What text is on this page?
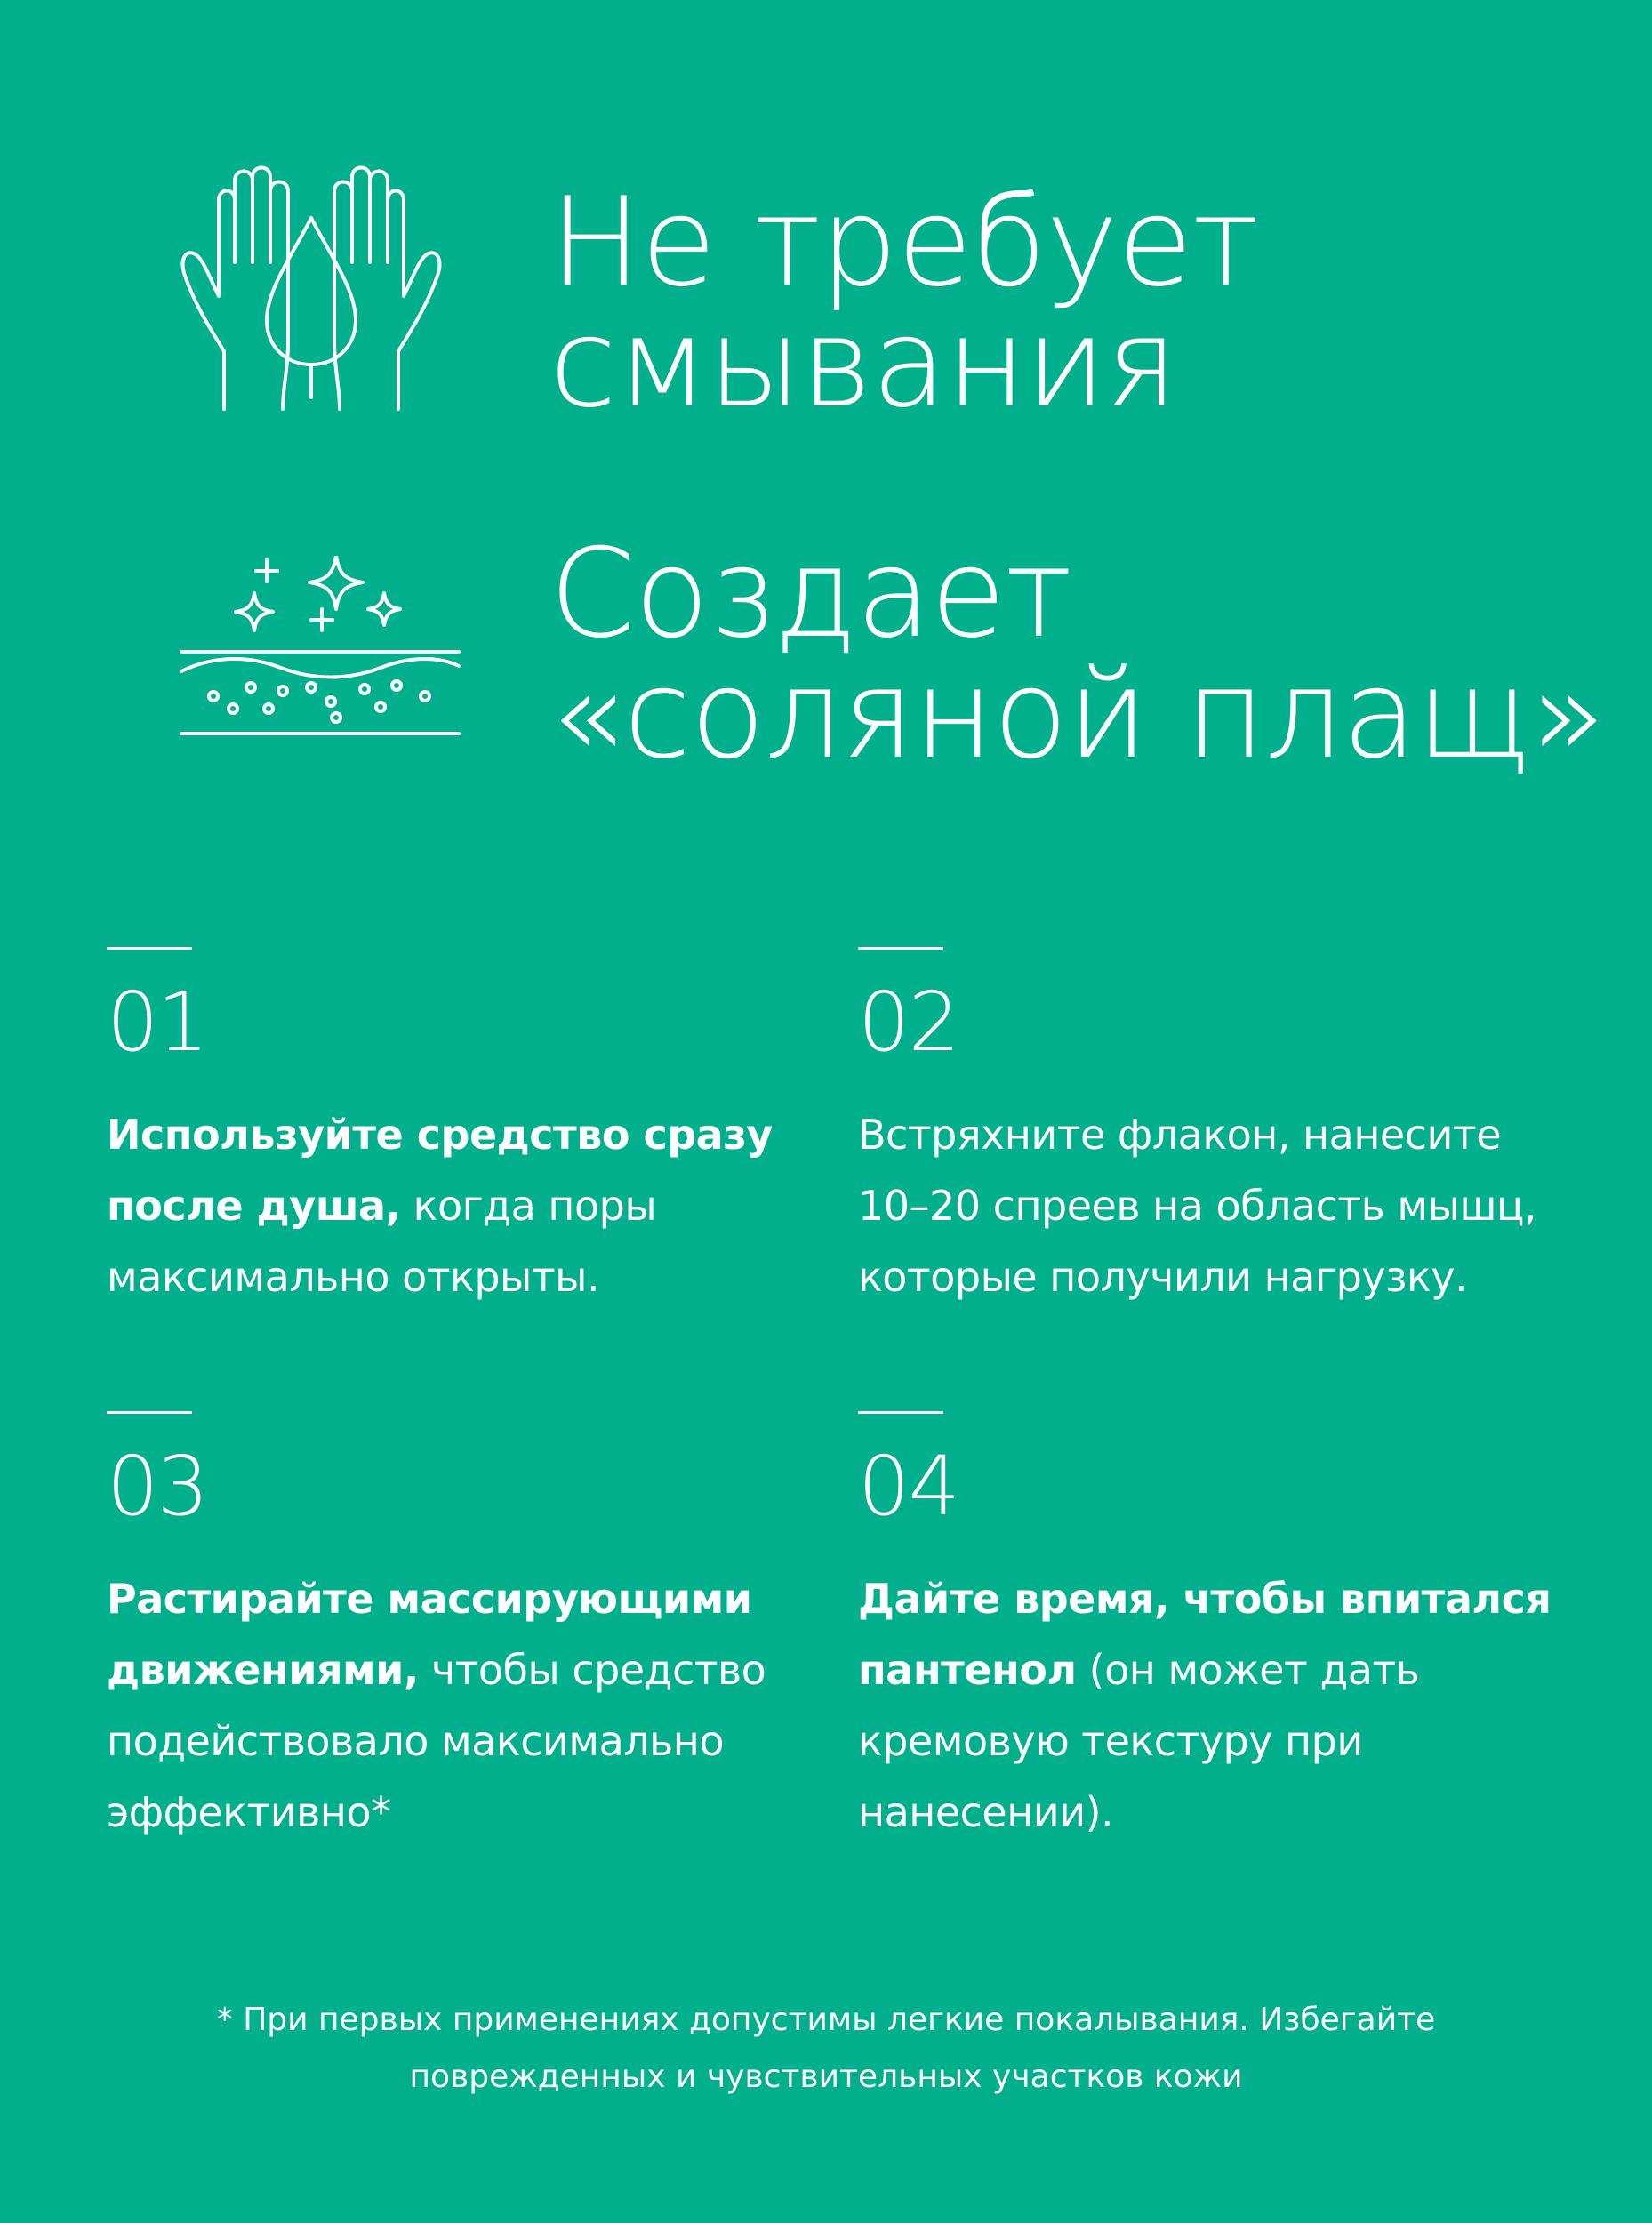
Не требует
смывания
Создает
«соляной плащ»
01
Используйте средство сразу после душа, когда поры максимально открыты.
02
Встряхните флакон, нанесите 10–20 спреев на область мышц, которые получили нагрузку.
03
Растирайте массирующими движениями, чтобы средство подействовало максимально эффективно*
04
Дайте время, чтобы впитался пантенол (он может дать кремовую текстуру при нанесении).
* При первых применениях допустимы легкие покалывания. Избегайте
поврежденных и чувствительных участков кожи
